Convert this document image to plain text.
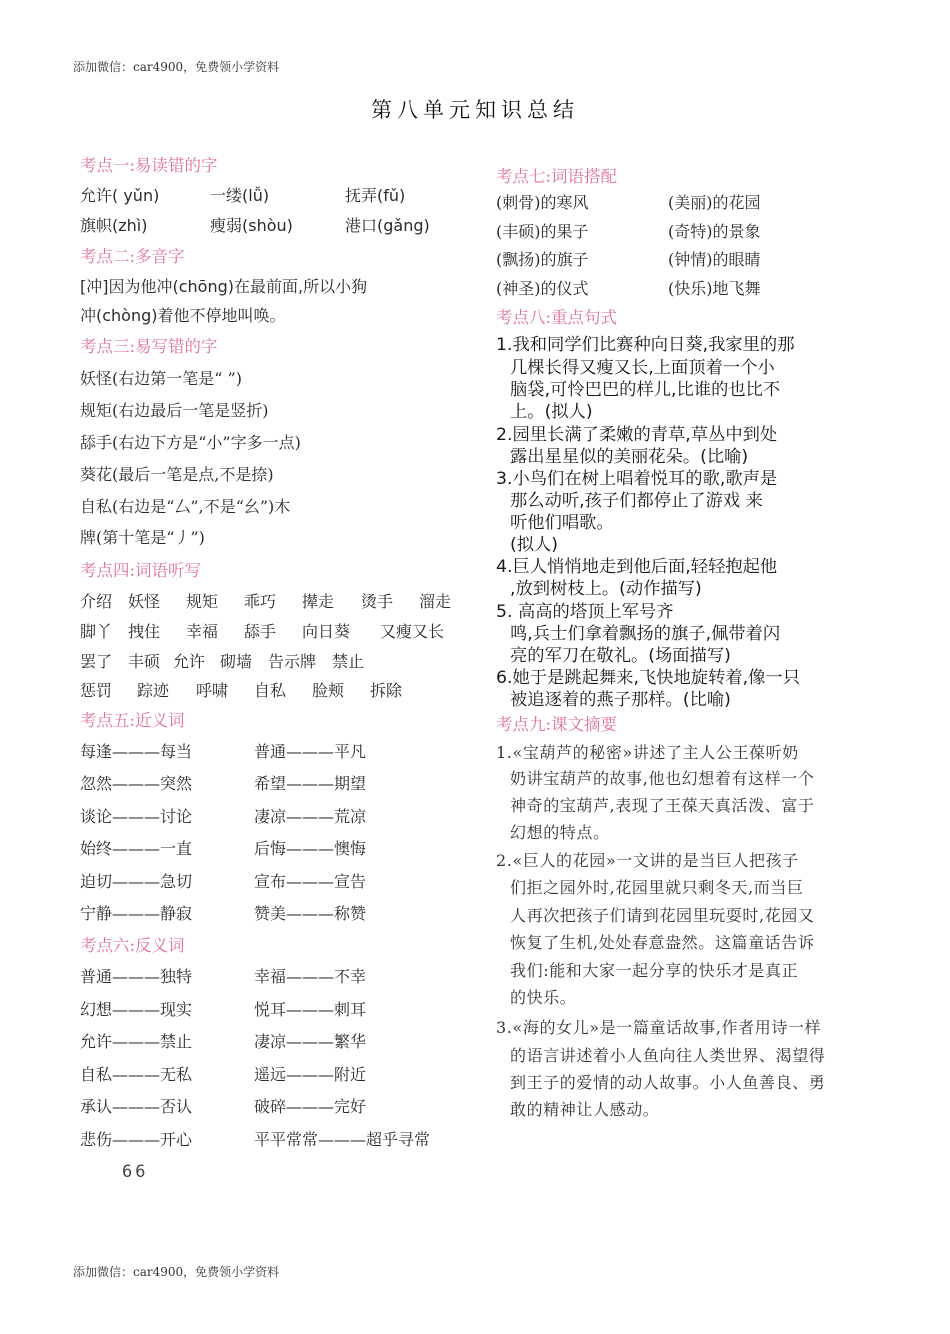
添加微信：car4900，免费领小学资料
第八单元知识总结
考点一:易读错的字
允许( yǔn)	一缕(lǚ)	抚弄(fǔ)
旗帜(zhì)	瘦弱(shòu)	港口(gǎng)
考点二:多音字
[冲]因为他冲(chōng)在最前面,所以小狗
冲(chòng)着他不停地叫唤。
考点三:易写错的字
妖怪(右边第一笔是“ ”)
规矩(右边最后一笔是竖折)
舔手(右边下方是“小”字多一点)
葵花(最后一笔是点,不是捺)
自私(右边是“厶”,不是“幺”)木
牌(第十笔是“丿”)
考点四:词语听写
介绍 妖怪 规矩 乖巧 撵走 烫手 溜走
脚丫 拽住 幸福 舔手 向日葵 又瘦又长
罢了 丰硕 允许 砌墙 告示牌 禁止
惩罚 踪迹 呼啸 自私 脸颊 拆除
考点五:近义词
每逢———每当	普通———平凡
忽然———突然	希望———期望
谈论———讨论	凄凉———荒凉
始终———一直	后悔———懊悔
迫切———急切	宣布———宣告
宁静———静寂	赞美———称赞
考点六:反义词
普通———独特	幸福———不幸
幻想———现实	悦耳———刺耳
允许———禁止	凄凉———繁华
自私———无私	遥远———附近
承认———否认	破碎———完好
悲伤———开心	平平常常———超乎寻常
66
考点七:词语搭配
(刺骨)的寒风	(美丽)的花园
(丰硕)的果子	(奇特)的景象
(飘扬)的旗子	(钟情)的眼睛
(神圣)的仪式	(快乐)地飞舞
考点八:重点句式
1.我和同学们比赛种向日葵,我家里的那
几棵长得又瘦又长,上面顶着一个小
脑袋,可怜巴巴的样儿,比谁的也比不
上。(拟人)
2.园里长满了柔嫩的青草,草丛中到处
露出星星似的美丽花朵。(比喻)
3.小鸟们在树上唱着悦耳的歌,歌声是
那么动听,孩子们都停止了游戏 来
听他们唱歌。
(拟人)
4.巨人悄悄地走到他后面,轻轻抱起他
,放到树枝上。(动作描写)
5. 高高的塔顶上军号齐
鸣,兵士们拿着飘扬的旗子,佩带着闪
亮的军刀在敬礼。(场面描写)
6.她于是跳起舞来,飞快地旋转着,像一只
被追逐着的燕子那样。(比喻)
考点九:课文摘要
1.«宝葫芦的秘密»讲述了主人公王葆听奶
奶讲宝葫芦的故事,他也幻想着有这样一个
神奇的宝葫芦,表现了王葆天真活泼、富于
幻想的特点。
2.«巨人的花园»一文讲的是当巨人把孩子
们拒之园外时,花园里就只剩冬天,而当巨
人再次把孩子们请到花园里玩耍时,花园又
恢复了生机,处处春意盎然。这篇童话告诉
我们:能和大家一起分享的快乐才是真正
的快乐。
3.«海的女儿»是一篇童话故事,作者用诗一样
的语言讲述着小人鱼向往人类世界、渴望得
到王子的爱情的动人故事。小人鱼善良、勇
敢的精神让人感动。
添加微信：car4900，免费领小学资料
